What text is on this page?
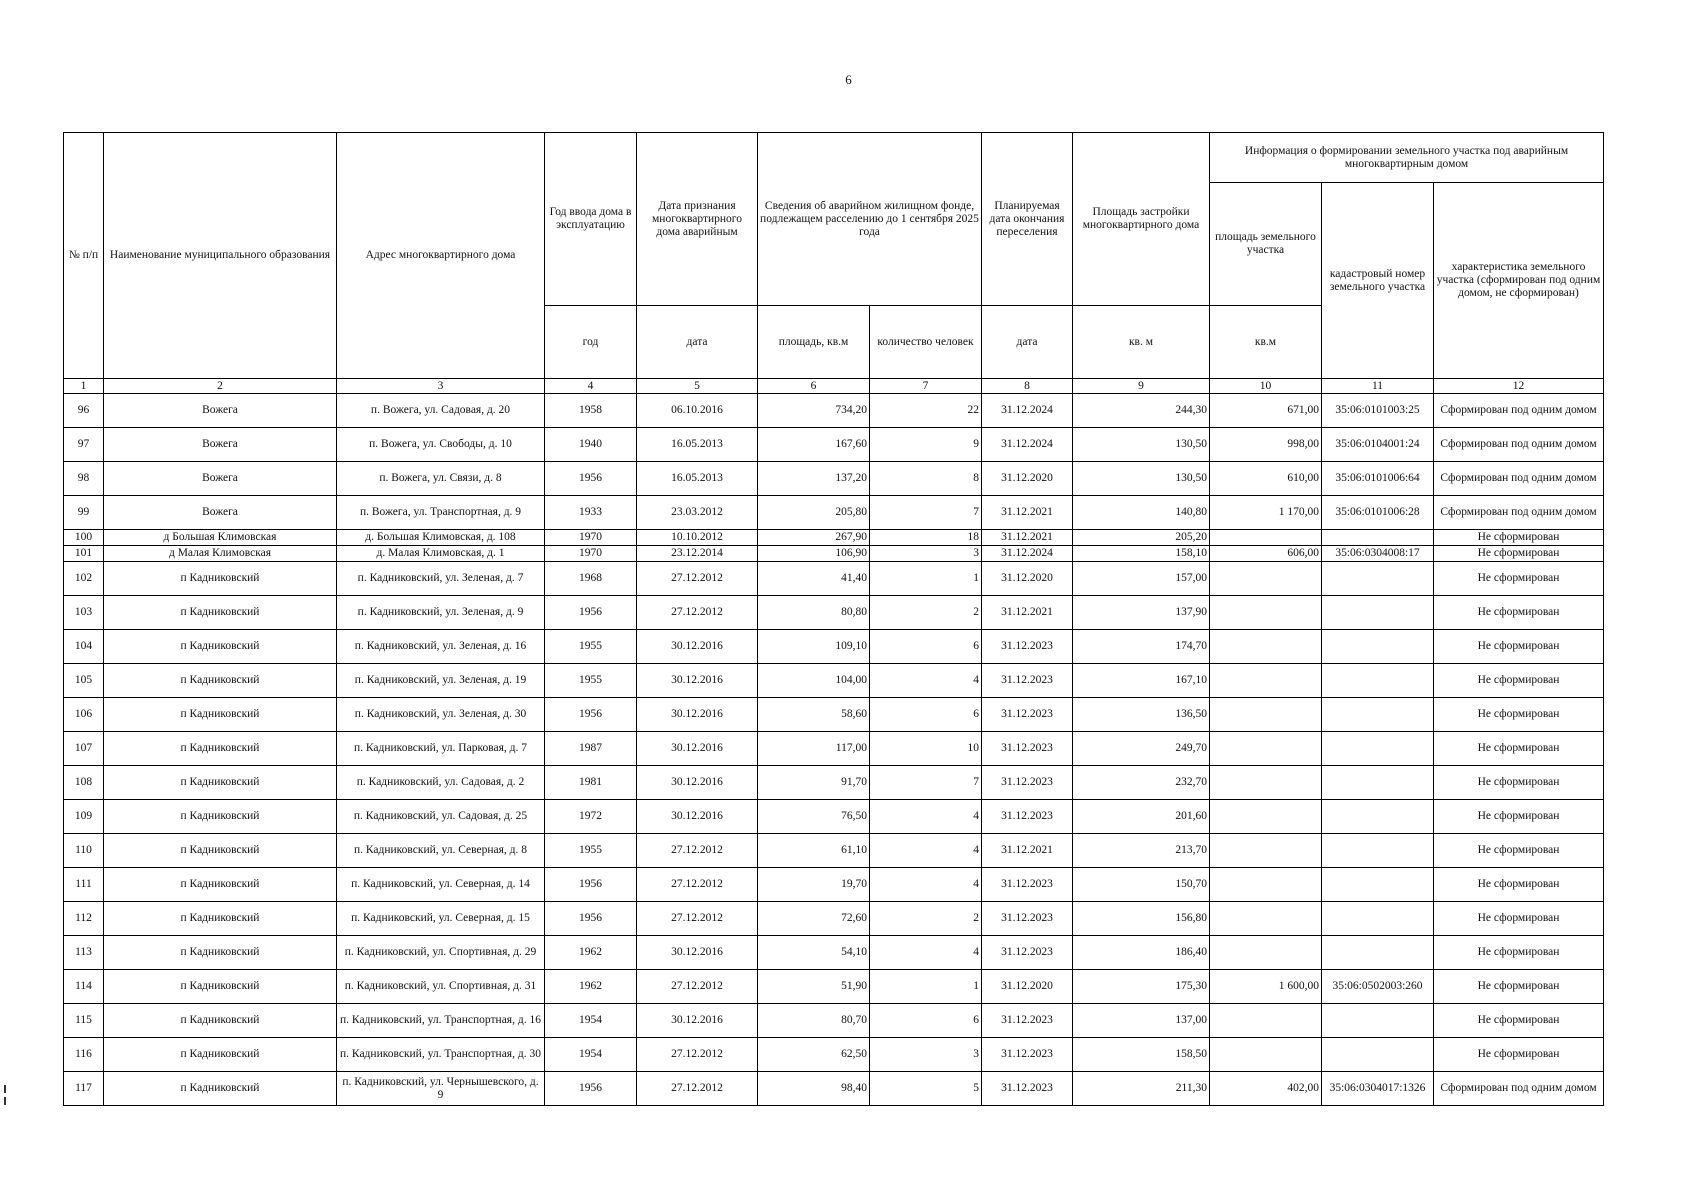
6
№ п/п	Наименование муниципального образования	Адрес многоквартирного дома	Год ввода дома в эксплуатацию	Дата признания многоквартирного дома аварийным	Сведения об аварийном жилищном фонде, подлежащем расселению до 1 сентября 2025 года		Планируемая дата окончания переселения	Площадь застройки многоквартирного дома	Информация о формировании земельного участка под аварийным многоквартирным домом		
									площадь земельного участка	кадастровый номер земельного участка	характеристика земельного участка (сформирован под одним домом, не сформирован)
			год	дата	площадь, кв.м	количество человек	дата	кв. м	кв.м		
1	2	3	4	5	6	7	8	9	10	11	12
96	Вожега	п. Вожега, ул. Садовая, д. 20	1958	06.10.2016	734,20	22	31.12.2024	244,30	671,00	35:06:0101003:25	Сформирован под одним домом
97	Вожега	п. Вожега, ул. Свободы, д. 10	1940	16.05.2013	167,60	9	31.12.2024	130,50	998,00	35:06:0104001:24	Сформирован под одним домом
98	Вожега	п. Вожега, ул. Связи, д. 8	1956	16.05.2013	137,20	8	31.12.2020	130,50	610,00	35:06:0101006:64	Сформирован под одним домом
99	Вожега	п. Вожега, ул. Транспортная, д. 9	1933	23.03.2012	205,80	7	31.12.2021	140,80	1 170,00	35:06:0101006:28	Сформирован под одним домом
100	д Большая Климовская	д. Большая Климовская, д. 108	1970	10.10.2012	267,90	18	31.12.2021	205,20			Не сформирован
101	д Малая Климовская	д. Малая Климовская, д. 1	1970	23.12.2014	106,90	3	31.12.2024	158,10	606,00	35:06:0304008:17	Не сформирован
102	п Кадниковский	п. Кадниковский, ул. Зеленая, д. 7	1968	27.12.2012	41,40	1	31.12.2020	157,00			Не сформирован
103	п Кадниковский	п. Кадниковский, ул. Зеленая, д. 9	1956	27.12.2012	80,80	2	31.12.2021	137,90			Не сформирован
104	п Кадниковский	п. Кадниковский, ул. Зеленая, д. 16	1955	30.12.2016	109,10	6	31.12.2023	174,70			Не сформирован
105	п Кадниковский	п. Кадниковский, ул. Зеленая, д. 19	1955	30.12.2016	104,00	4	31.12.2023	167,10			Не сформирован
106	п Кадниковский	п. Кадниковский, ул. Зеленая, д. 30	1956	30.12.2016	58,60	6	31.12.2023	136,50			Не сформирован
107	п Кадниковский	п. Кадниковский, ул. Парковая, д. 7	1987	30.12.2016	117,00	10	31.12.2023	249,70			Не сформирован
108	п Кадниковский	п. Кадниковский, ул. Садовая, д. 2	1981	30.12.2016	91,70	7	31.12.2023	232,70			Не сформирован
109	п Кадниковский	п. Кадниковский, ул. Садовая, д. 25	1972	30.12.2016	76,50	4	31.12.2023	201,60			Не сформирован
110	п Кадниковский	п. Кадниковский, ул. Северная, д. 8	1955	27.12.2012	61,10	4	31.12.2021	213,70			Не сформирован
111	п Кадниковский	п. Кадниковский, ул. Северная, д. 14	1956	27.12.2012	19,70	4	31.12.2023	150,70			Не сформирован
112	п Кадниковский	п. Кадниковский, ул. Северная, д. 15	1956	27.12.2012	72,60	2	31.12.2023	156,80			Не сформирован
113	п Кадниковский	п. Кадниковский, ул. Спортивная, д. 29	1962	30.12.2016	54,10	4	31.12.2023	186,40			Не сформирован
114	п Кадниковский	п. Кадниковский, ул. Спортивная, д. 31	1962	27.12.2012	51,90	1	31.12.2020	175,30	1 600,00	35:06:0502003:260	Не сформирован
115	п Кадниковский	п. Кадниковский, ул. Транспортная, д. 16	1954	30.12.2016	80,70	6	31.12.2023	137,00			Не сформирован
116	п Кадниковский	п. Кадниковский, ул. Транспортная, д. 30	1954	27.12.2012	62,50	3	31.12.2023	158,50			Не сформирован
117	п Кадниковский	п. Кадниковский, ул. Чернышевского, д. 9	1956	27.12.2012	98,40	5	31.12.2023	211,30	402,00	35:06:0304017:1326	Сформирован под одним домом
